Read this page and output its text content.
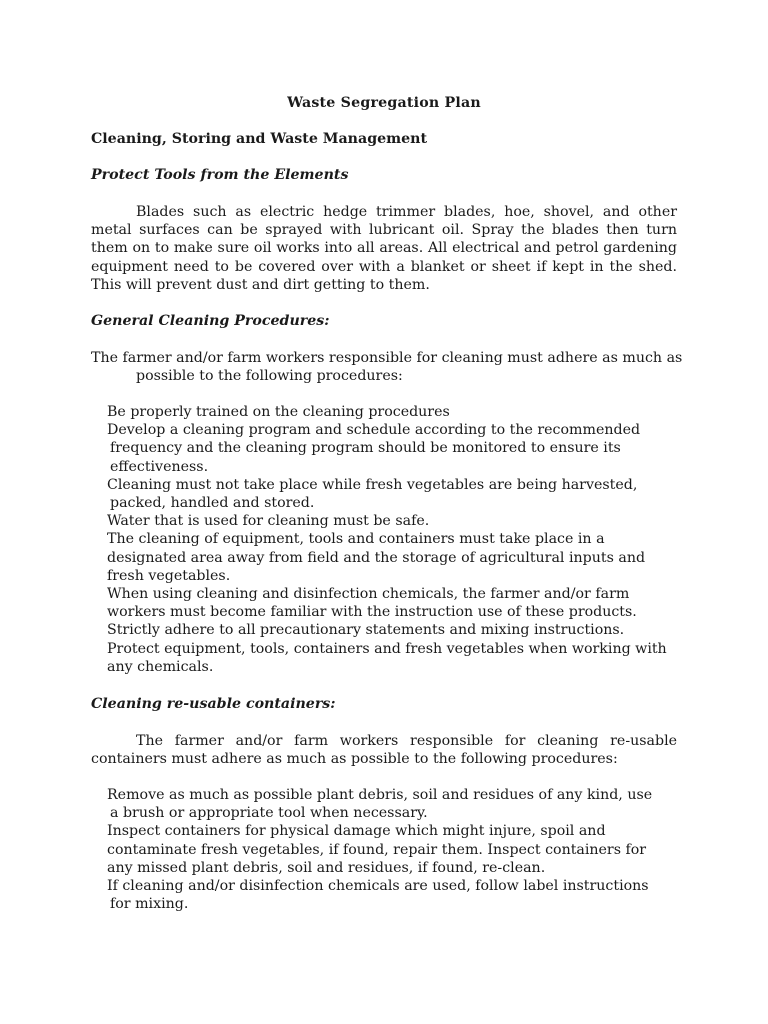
Waste Segregation Plan
Cleaning, Storing and Waste Management
Protect Tools from the Elements
Blades such as electric hedge trimmer blades, hoe, shovel, and other metal surfaces can be sprayed with lubricant oil. Spray the blades then turn them on to make sure oil works into all areas. All electrical and petrol gardening equipment need to be covered over with a blanket or sheet if kept in the shed. This will prevent dust and dirt getting to them.
General Cleaning Procedures:
The farmer and/or farm workers responsible for cleaning must adhere as much as possible to the following procedures:
Be properly trained on the cleaning procedures
Develop a cleaning program and schedule according to the recommended
frequency and the cleaning program should be monitored to ensure its
effectiveness.
Cleaning must not take place while fresh vegetables are being harvested,
packed, handled and stored.
Water that is used for cleaning must be safe.
The cleaning of equipment, tools and containers must take place in a
designated area away from field and the storage of agricultural inputs and
fresh vegetables.
When using cleaning and disinfection chemicals, the farmer and/or farm
workers must become familiar with the instruction use of these products.
Strictly adhere to all precautionary statements and mixing instructions.
Protect equipment, tools, containers and fresh vegetables when working with
any chemicals.
Cleaning re-usable containers:
The farmer and/or farm workers responsible for cleaning re-usable containers must adhere as much as possible to the following procedures:
Remove as much as possible plant debris, soil and residues of any kind, use
a brush or appropriate tool when necessary.
Inspect containers for physical damage which might injure, spoil and
contaminate fresh vegetables, if found, repair them. Inspect containers for
any missed plant debris, soil and residues, if found, re-clean.
If cleaning and/or disinfection chemicals are used, follow label instructions
for mixing.
